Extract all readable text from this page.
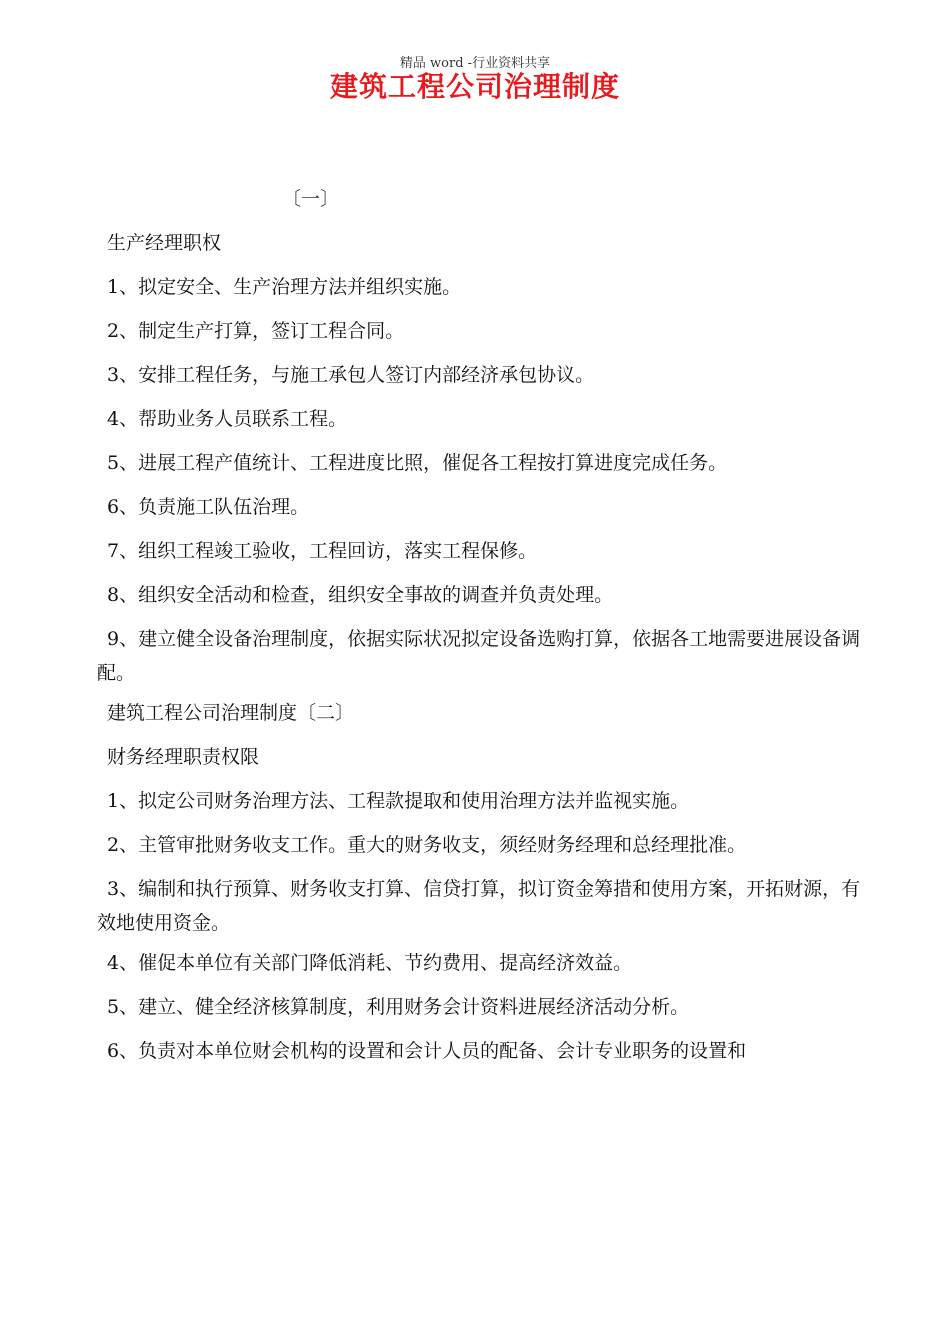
精品 word -行业资料共享
建筑工程公司治理制度
〔一〕

生产经理职权

1、拟定安全、生产治理方法并组织实施。

2、制定生产打算，签订工程合同。

3、安排工程任务，与施工承包人签订内部经济承包协议。

4、帮助业务人员联系工程。

5、进展工程产值统计、工程进度比照，催促各工程按打算进度完成任务。

6、负责施工队伍治理。

7、组织工程竣工验收，工程回访，落实工程保修。

8、组织安全活动和检查，组织安全事故的调查并负责处理。

9、建立健全设备治理制度，依据实际状况拟定设备选购打算，依据各工地需要进展设备调配。

建筑工程公司治理制度〔二〕

财务经理职责权限

1、拟定公司财务治理方法、工程款提取和使用治理方法并监视实施。

2、主管审批财务收支工作。重大的财务收支，须经财务经理和总经理批准。

3、编制和执行预算、财务收支打算、信贷打算，拟订资金筹措和使用方案，开拓财源，有效地使用资金。

4、催促本单位有关部门降低消耗、节约费用、提高经济效益。

5、建立、健全经济核算制度，利用财务会计资料进展经济活动分析。

6、负责对本单位财会机构的设置和会计人员的配备、会计专业职务的设置和
